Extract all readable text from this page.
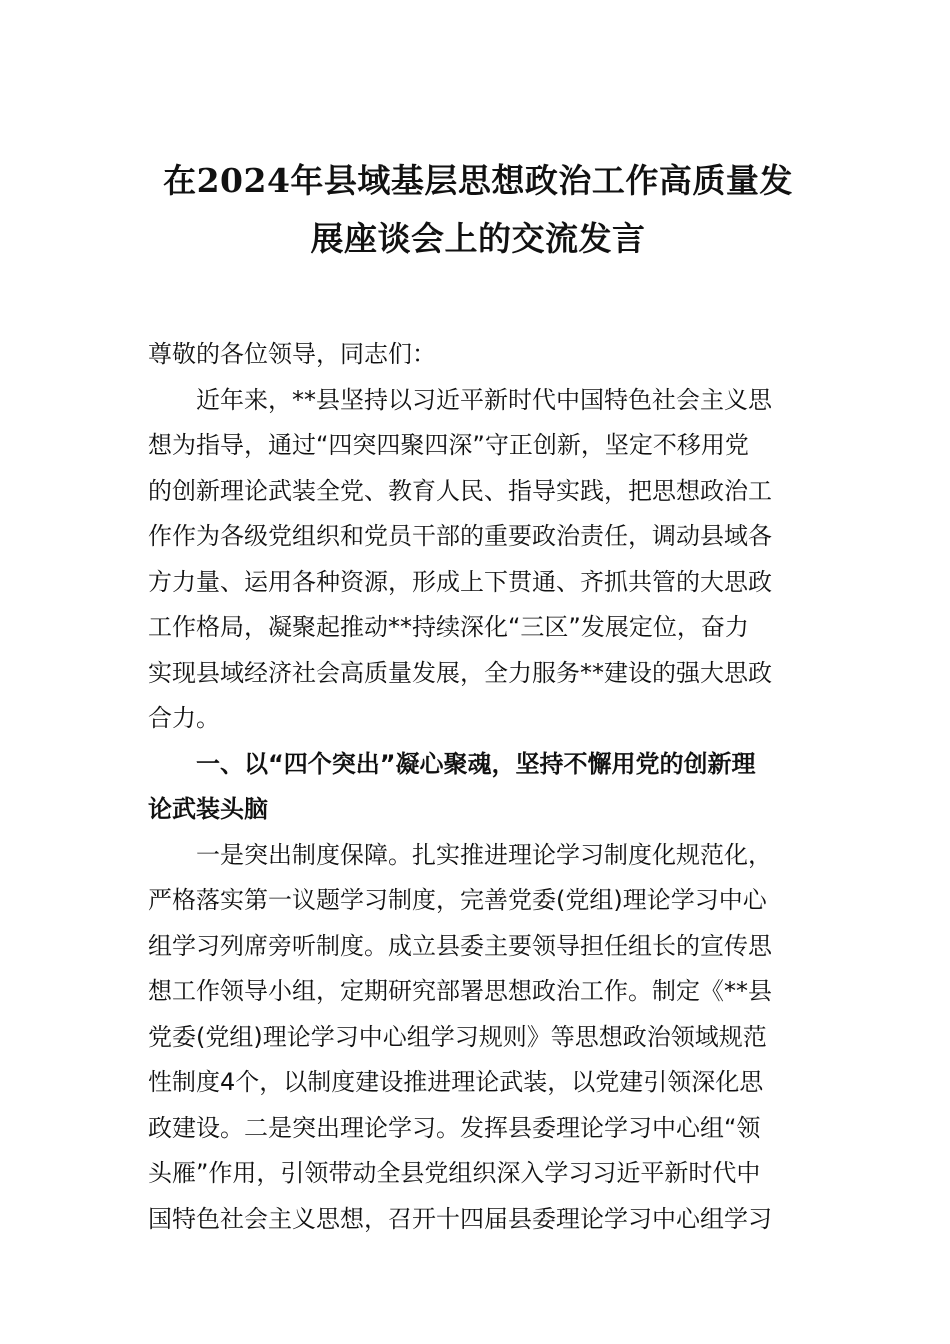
在2024年县域基层思想政治工作高质量发
展座谈会上的交流发言
尊敬的各位领导，同志们：
　　近年来，**县坚持以习近平新时代中国特色社会主义思
想为指导，通过“四突四聚四深”守正创新，坚定不移用党
的创新理论武装全党、教育人民、指导实践，把思想政治工
作作为各级党组织和党员干部的重要政治责任，调动县域各
方力量、运用各种资源，形成上下贯通、齐抓共管的大思政
工作格局，凝聚起推动**持续深化“三区”发展定位，奋力
实现县域经济社会高质量发展，全力服务**建设的强大思政
合力。
　　一、以“四个突出”凝心聚魂，坚持不懈用党的创新理
论武装头脑
　　一是突出制度保障。扎实推进理论学习制度化规范化，
严格落实第一议题学习制度，完善党委(党组)理论学习中心
组学习列席旁听制度。成立县委主要领导担任组长的宣传思
想工作领导小组，定期研究部署思想政治工作。制定《**县
党委(党组)理论学习中心组学习规则》等思想政治领域规范
性制度4个，以制度建设推进理论武装，以党建引领深化思
政建设。二是突出理论学习。发挥县委理论学习中心组“领
头雁”作用，引领带动全县党组织深入学习习近平新时代中
国特色社会主义思想，召开十四届县委理论学习中心组学习
